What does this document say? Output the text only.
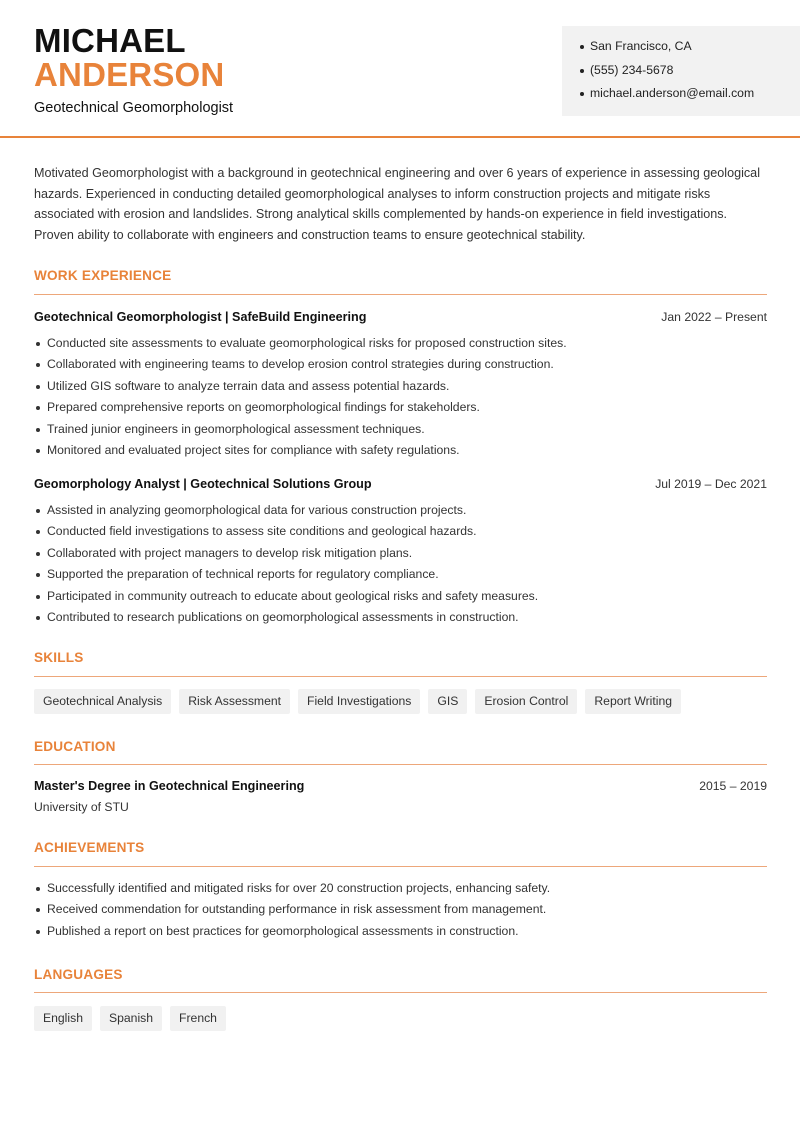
MICHAEL
ANDERSON
Geotechnical Geomorphologist
San Francisco, CA
(555) 234-5678
michael.anderson@email.com
Motivated Geomorphologist with a background in geotechnical engineering and over 6 years of experience in assessing geological hazards. Experienced in conducting detailed geomorphological analyses to inform construction projects and mitigate risks associated with erosion and landslides. Strong analytical skills complemented by hands-on experience in field investigations. Proven ability to collaborate with engineers and construction teams to ensure geotechnical stability.
WORK EXPERIENCE
Geotechnical Geomorphologist | SafeBuild Engineering	Jan 2022 – Present
Conducted site assessments to evaluate geomorphological risks for proposed construction sites.
Collaborated with engineering teams to develop erosion control strategies during construction.
Utilized GIS software to analyze terrain data and assess potential hazards.
Prepared comprehensive reports on geomorphological findings for stakeholders.
Trained junior engineers in geomorphological assessment techniques.
Monitored and evaluated project sites for compliance with safety regulations.
Geomorphology Analyst | Geotechnical Solutions Group	Jul 2019 – Dec 2021
Assisted in analyzing geomorphological data for various construction projects.
Conducted field investigations to assess site conditions and geological hazards.
Collaborated with project managers to develop risk mitigation plans.
Supported the preparation of technical reports for regulatory compliance.
Participated in community outreach to educate about geological risks and safety measures.
Contributed to research publications on geomorphological assessments in construction.
SKILLS
Geotechnical Analysis	Risk Assessment	Field Investigations	GIS	Erosion Control	Report Writing
EDUCATION
Master's Degree in Geotechnical Engineering	2015 – 2019
University of STU
ACHIEVEMENTS
Successfully identified and mitigated risks for over 20 construction projects, enhancing safety.
Received commendation for outstanding performance in risk assessment from management.
Published a report on best practices for geomorphological assessments in construction.
LANGUAGES
English	Spanish	French
